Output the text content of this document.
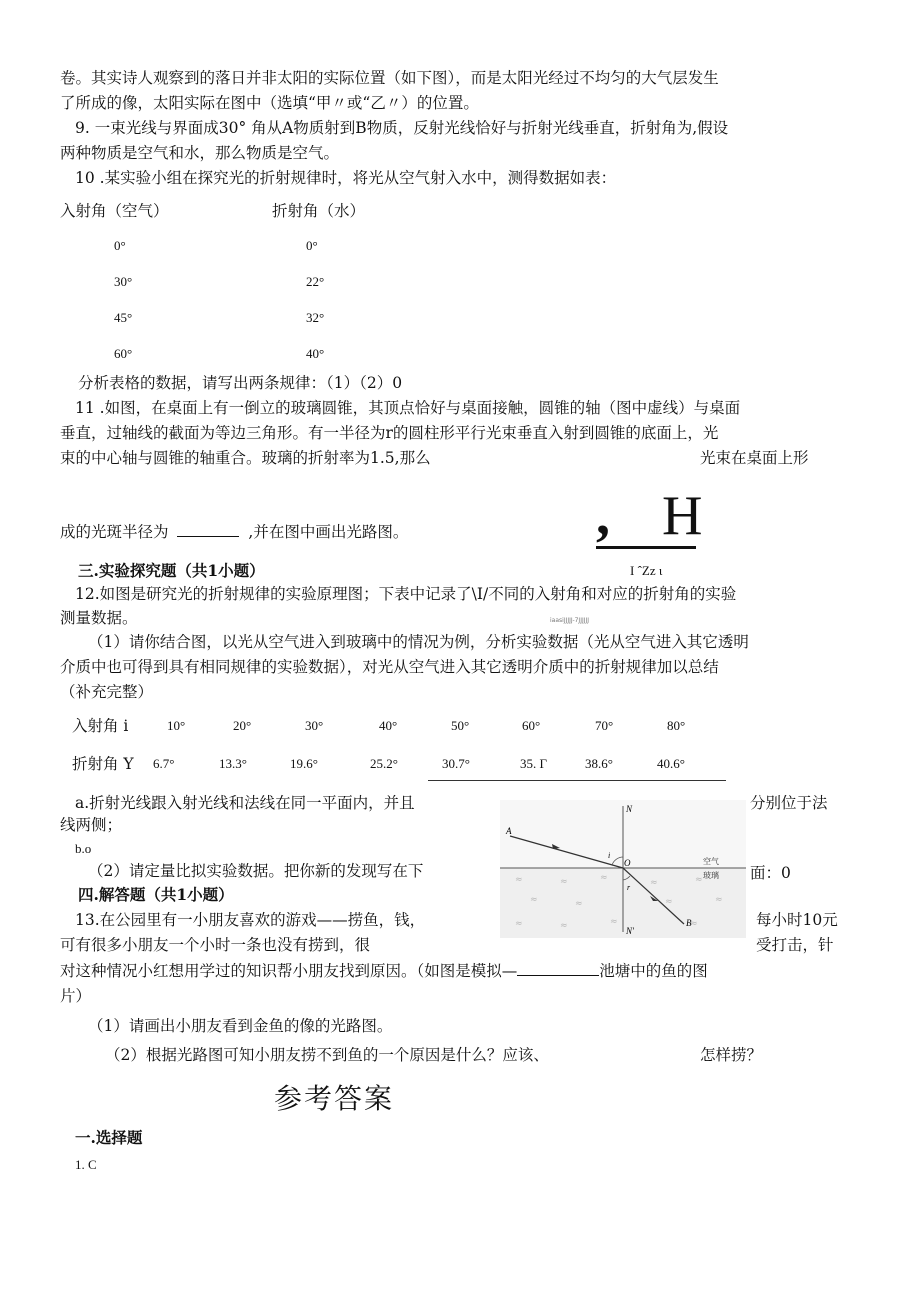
卷。其实诗人观察到的落日并非太阳的实际位置（如下图），而是太阳光经过不均匀的大气层发生
了所成的像，太阳实际在图中（选填“甲〃或“乙〃）的位置。
9. 一束光线与界面成30° 角从A物质射到B物质，反射光线恰好与折射光线垂直，折射角为,假设
两种物质是空气和水，那么物质是空气。
10 .某实验小组在探究光的折射规律时，将光从空气射入水中，测得数据如表：
入射角（空气）	折射角（水）
0°	0°
30°	22°
45°	32°
60°	40°
分析表格的数据，请写出两条规律：（1）（2）0
11 .如图，在桌面上有一倒立的玻璃圆锥，其顶点恰好与桌面接触，圆锥的轴（图中虚线）与桌面
垂直，过轴线的截面为等边三角形。有一半径为r的圆柱形平行光束垂直入射到圆锥的底面上，光
束的中心轴与圆锥的轴重合。玻璃的折射率为1.5,那么	光束在桌面上形
成的光斑半径为	,并在图中画出光路图。	, H
I ˆZz ι
三.实验探究题（共1小题）
12.如图是研究光的折射规律的实验原理图；下表中记录了\I/不同的入射角和对应的折射角的实验
测量数据。	iaasiJJJJJ-7JJJJJJ
（1）请你结合图，以光从空气进入到玻璃中的情况为例，分析实验数据（光从空气进入其它透明
介质中也可得到具有相同规律的实验数据），对光从空气进入其它透明介质中的折射规律加以总结
（补充完整）
入射角 i	10°	20°	30°	40°	50°	60°	70°	80°
折射角 Y 6.7°	13.3°	19.6°	25.2°	30.7°	35. Γ	38.6°	40.6°
a.折射光线跟入射光线和法线在同一平面内，并且	分别位于法
线两侧；
b.o
（2）请定量比拟实验数据。把你新的发现写在下	面：0
≈	≈	≈	≈	≈
≈	≈	≈	≈
≈	≈	≈	≈
N
N'
A
B
O
i
r
空气
玻璃
四.解答题（共1小题）
13.在公园里有一小朋友喜欢的游戏——捞鱼，钱，	每小时10元
可有很多小朋友一个小时一条也没有捞到，很	受打击，针
对这种情况小红想用学过的知识帮小朋友找到原因。（如图是模拟—	池塘中的鱼的图
片）
（1）请画出小朋友看到金鱼的像的光路图。
（2）根据光路图可知小朋友捞不到鱼的一个原因是什么？应该、	怎样捞？
参考答案
一.选择题
1. C
